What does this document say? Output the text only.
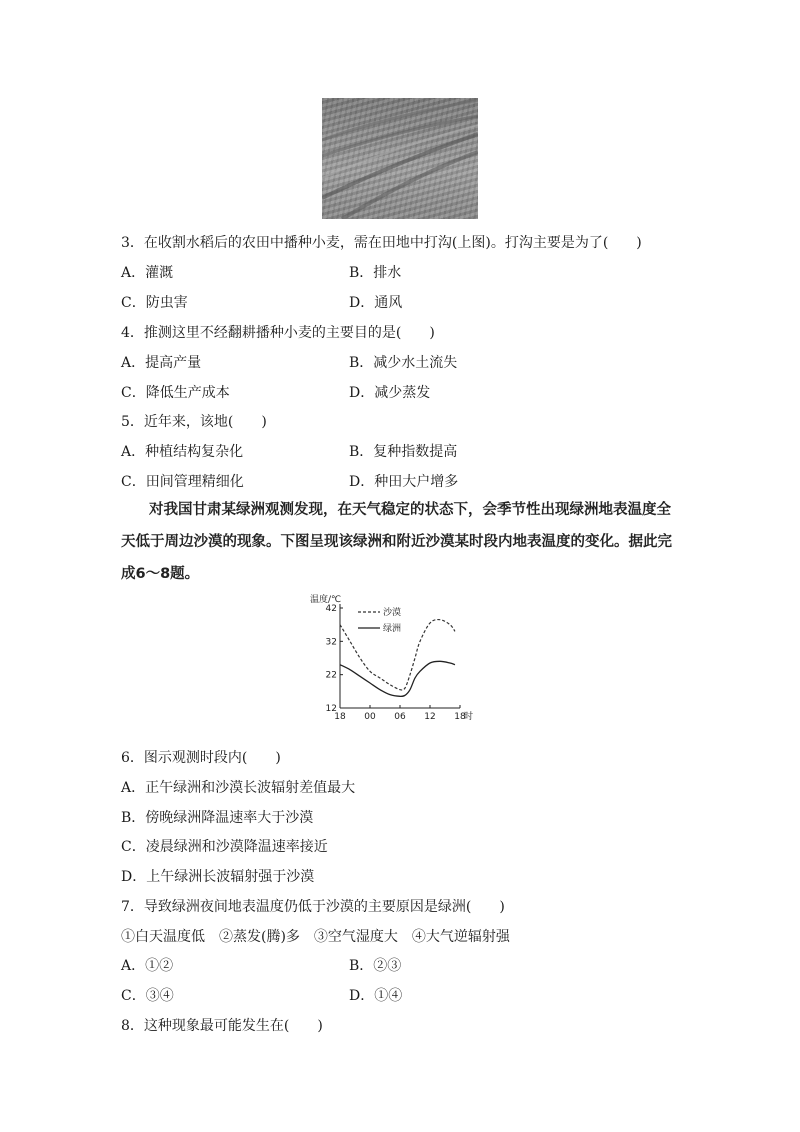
3．在收割水稻后的农田中播种小麦，需在田地中打沟(上图)。打沟主要是为了(　　)
A．灌溉	B．排水
C．防虫害	D．通风
4．推测这里不经翻耕播种小麦的主要目的是(　　)
A．提高产量	B．减少水土流失
C．降低生产成本	D．减少蒸发
5．近年来，该地(　　)
A．种植结构复杂化	B．复种指数提高
C．田间管理精细化	D．种田大户增多
对我国甘肃某绿洲观测发现，在天气稳定的状态下，会季节性出现绿洲地表温度全天低于周边沙漠的现象。下图呈现该绿洲和附近沙漠某时段内地表温度的变化。据此完成6～8题。
温度/℃
12
22
32
42
18 00 06 12 18
时
沙漠
绿洲
6．图示观测时段内(　　)
A．正午绿洲和沙漠长波辐射差值最大
B．傍晚绿洲降温速率大于沙漠
C．凌晨绿洲和沙漠降温速率接近
D．上午绿洲长波辐射强于沙漠
7．导致绿洲夜间地表温度仍低于沙漠的主要原因是绿洲(　　)
①白天温度低　②蒸发(腾)多　③空气湿度大　④大气逆辐射强
A．①②	B．②③
C．③④	D．①④
8．这种现象最可能发生在(　　)
